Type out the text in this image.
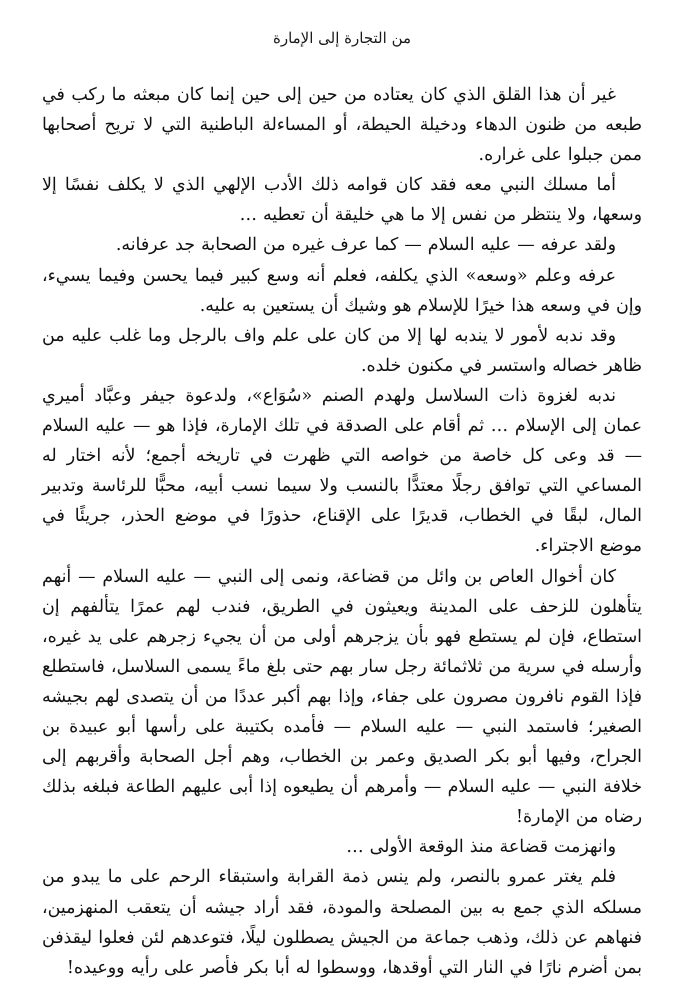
من التجارة إلى الإمارة

غير أن هذا القلق الذي كان يعتاده من حين إلى حين إنما كان مبعثه ما ركب في طبعه من ظنون الدهاء ودخيلة الحيطة، أو المساءلة الباطنية التي لا تريح أصحابها ممن جبلوا على غراره.

أما مسلك النبي معه فقد كان قوامه ذلك الأدب الإلهي الذي لا يكلف نفسًا إلا وسعها، ولا ينتظر من نفس إلا ما هي خليقة أن تعطيه …

ولقد عرفه — عليه السلام — كما عرف غيره من الصحابة جد عرفانه.

عرفه وعلم «وسعه» الذي يكلفه، فعلم أنه وسع كبير فيما يحسن وفيما يسيء، وإن في وسعه هذا خيرًا للإسلام هو وشيك أن يستعين به عليه.

وقد ندبه لأمور لا يندبه لها إلا من كان على علم واف بالرجل وما غلب عليه من ظاهر خصاله واستسر في مكنون خلده.

ندبه لغزوة ذات السلاسل ولهدم الصنم «سُوَاع»، ولدعوة جيفر وعبَّاد أميري عمان إلى الإسلام … ثم أقام على الصدقة في تلك الإمارة، فإذا هو — عليه السلام — قد وعى كل خاصة من خواصه التي ظهرت في تاريخه أجمع؛ لأنه اختار له المساعي التي توافق رجلًا معتدًّا بالنسب ولا سيما نسب أبيه، محبًّا للرئاسة وتدبير المال، لبقًا في الخطاب، قديرًا على الإقناع، حذورًا في موضع الحذر، جريئًا في موضع الاجتراء.

كان أخوال العاص بن وائل من قضاعة، ونمى إلى النبي — عليه السلام — أنهم يتأهلون للزحف على المدينة ويعيثون في الطريق، فندب لهم عمرًا يتألفهم إن استطاع، فإن لم يستطع فهو بأن يزجرهم أولى من أن يجيء زجرهم على يد غيره، وأرسله في سرية من ثلاثمائة رجل سار بهم حتى بلغ ماءً يسمى السلاسل، فاستطلع فإذا القوم نافرون مصرون على جفاء، وإذا بهم أكبر عددًا من أن يتصدى لهم بجيشه الصغير؛ فاستمد النبي — عليه السلام — فأمده بكتيبة على رأسها أبو عبيدة بن الجراح، وفيها أبو بكر الصديق وعمر بن الخطاب، وهم أجل الصحابة وأقربهم إلى خلافة النبي — عليه السلام — وأمرهم أن يطيعوه إذا أبى عليهم الطاعة فبلغه بذلك رضاه من الإمارة!

وانهزمت قضاعة منذ الوقعة الأولى …

فلم يغتر عمرو بالنصر، ولم ينس ذمة القرابة واستبقاء الرحم على ما يبدو من مسلكه الذي جمع به بين المصلحة والمودة، فقد أراد جيشه أن يتعقب المنهزمين، فنهاهم عن ذلك، وذهب جماعة من الجيش يصطلون ليلًا، فتوعدهم لئن فعلوا ليقذفن بمن أضرم نارًا في النار التي أوقدها، ووسطوا له أبا بكر فأصر على رأيه ووعيده!
